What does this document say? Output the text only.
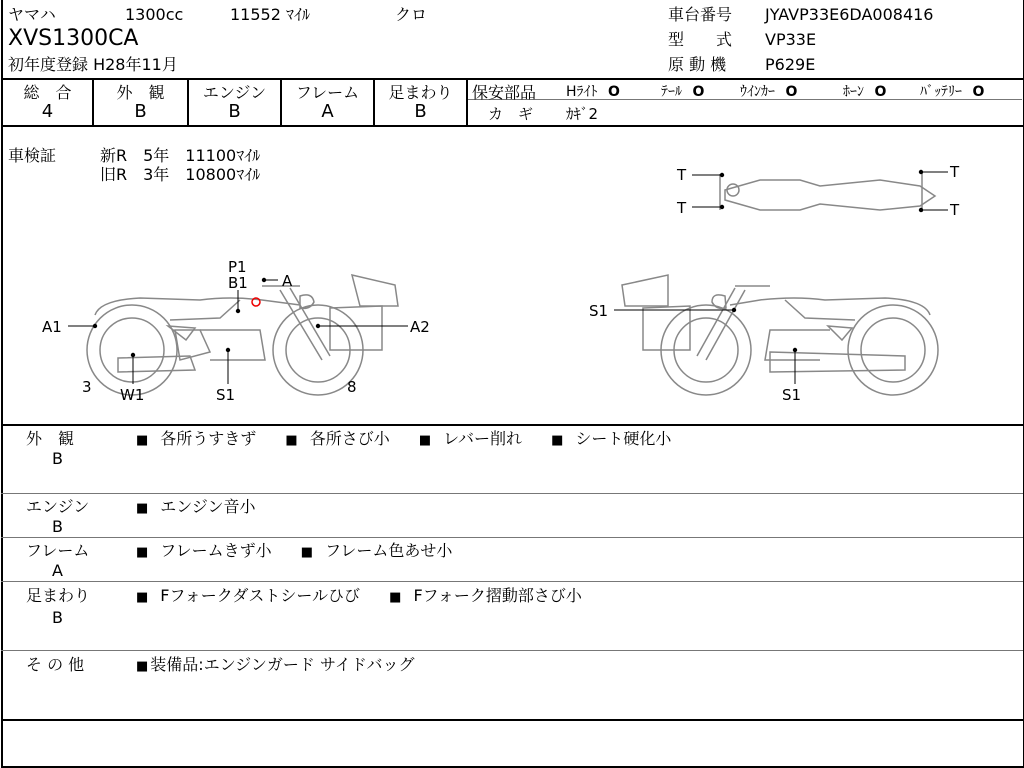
ヤマハ	1300cc	11552 ﾏｲﾙ	クロ
XVS1300CA
初年度登録 H28年11月
車台番号 JYAVP33E6DA008416
型　　式 VP33E
原 動 機 P629E
総　合	外　観	エンジン	フレーム	足まわり
4	B	B	A	B
保安部品 Hﾗｲﾄ O	ﾃｰﾙ O	ｳｲﾝｶｰ O	ﾎｰﾝ O ﾊﾞｯﾃﾘｰ O
カ　ギ ｶｷﾞ2
車検証	新R　5年　11100ﾏｲﾙ
旧R　3年　10800ﾏｲﾙ
P1
B1 A
A1	A2
3 W1	S1	8
S1
S1
T
T
T
T
外　観
B
■ 各所うすきず ■ 各所さび小 ■ レバー削れ ■ シート硬化小
エンジン
B
■ エンジン音小
フレーム
A
■ フレームきず小 ■ フレーム色あせ小
足まわり
B
■ Fフォークダストシールひび ■ Fフォーク摺動部さび小
そ の 他	■ 装備品:エンジンガード サイドバッグ
